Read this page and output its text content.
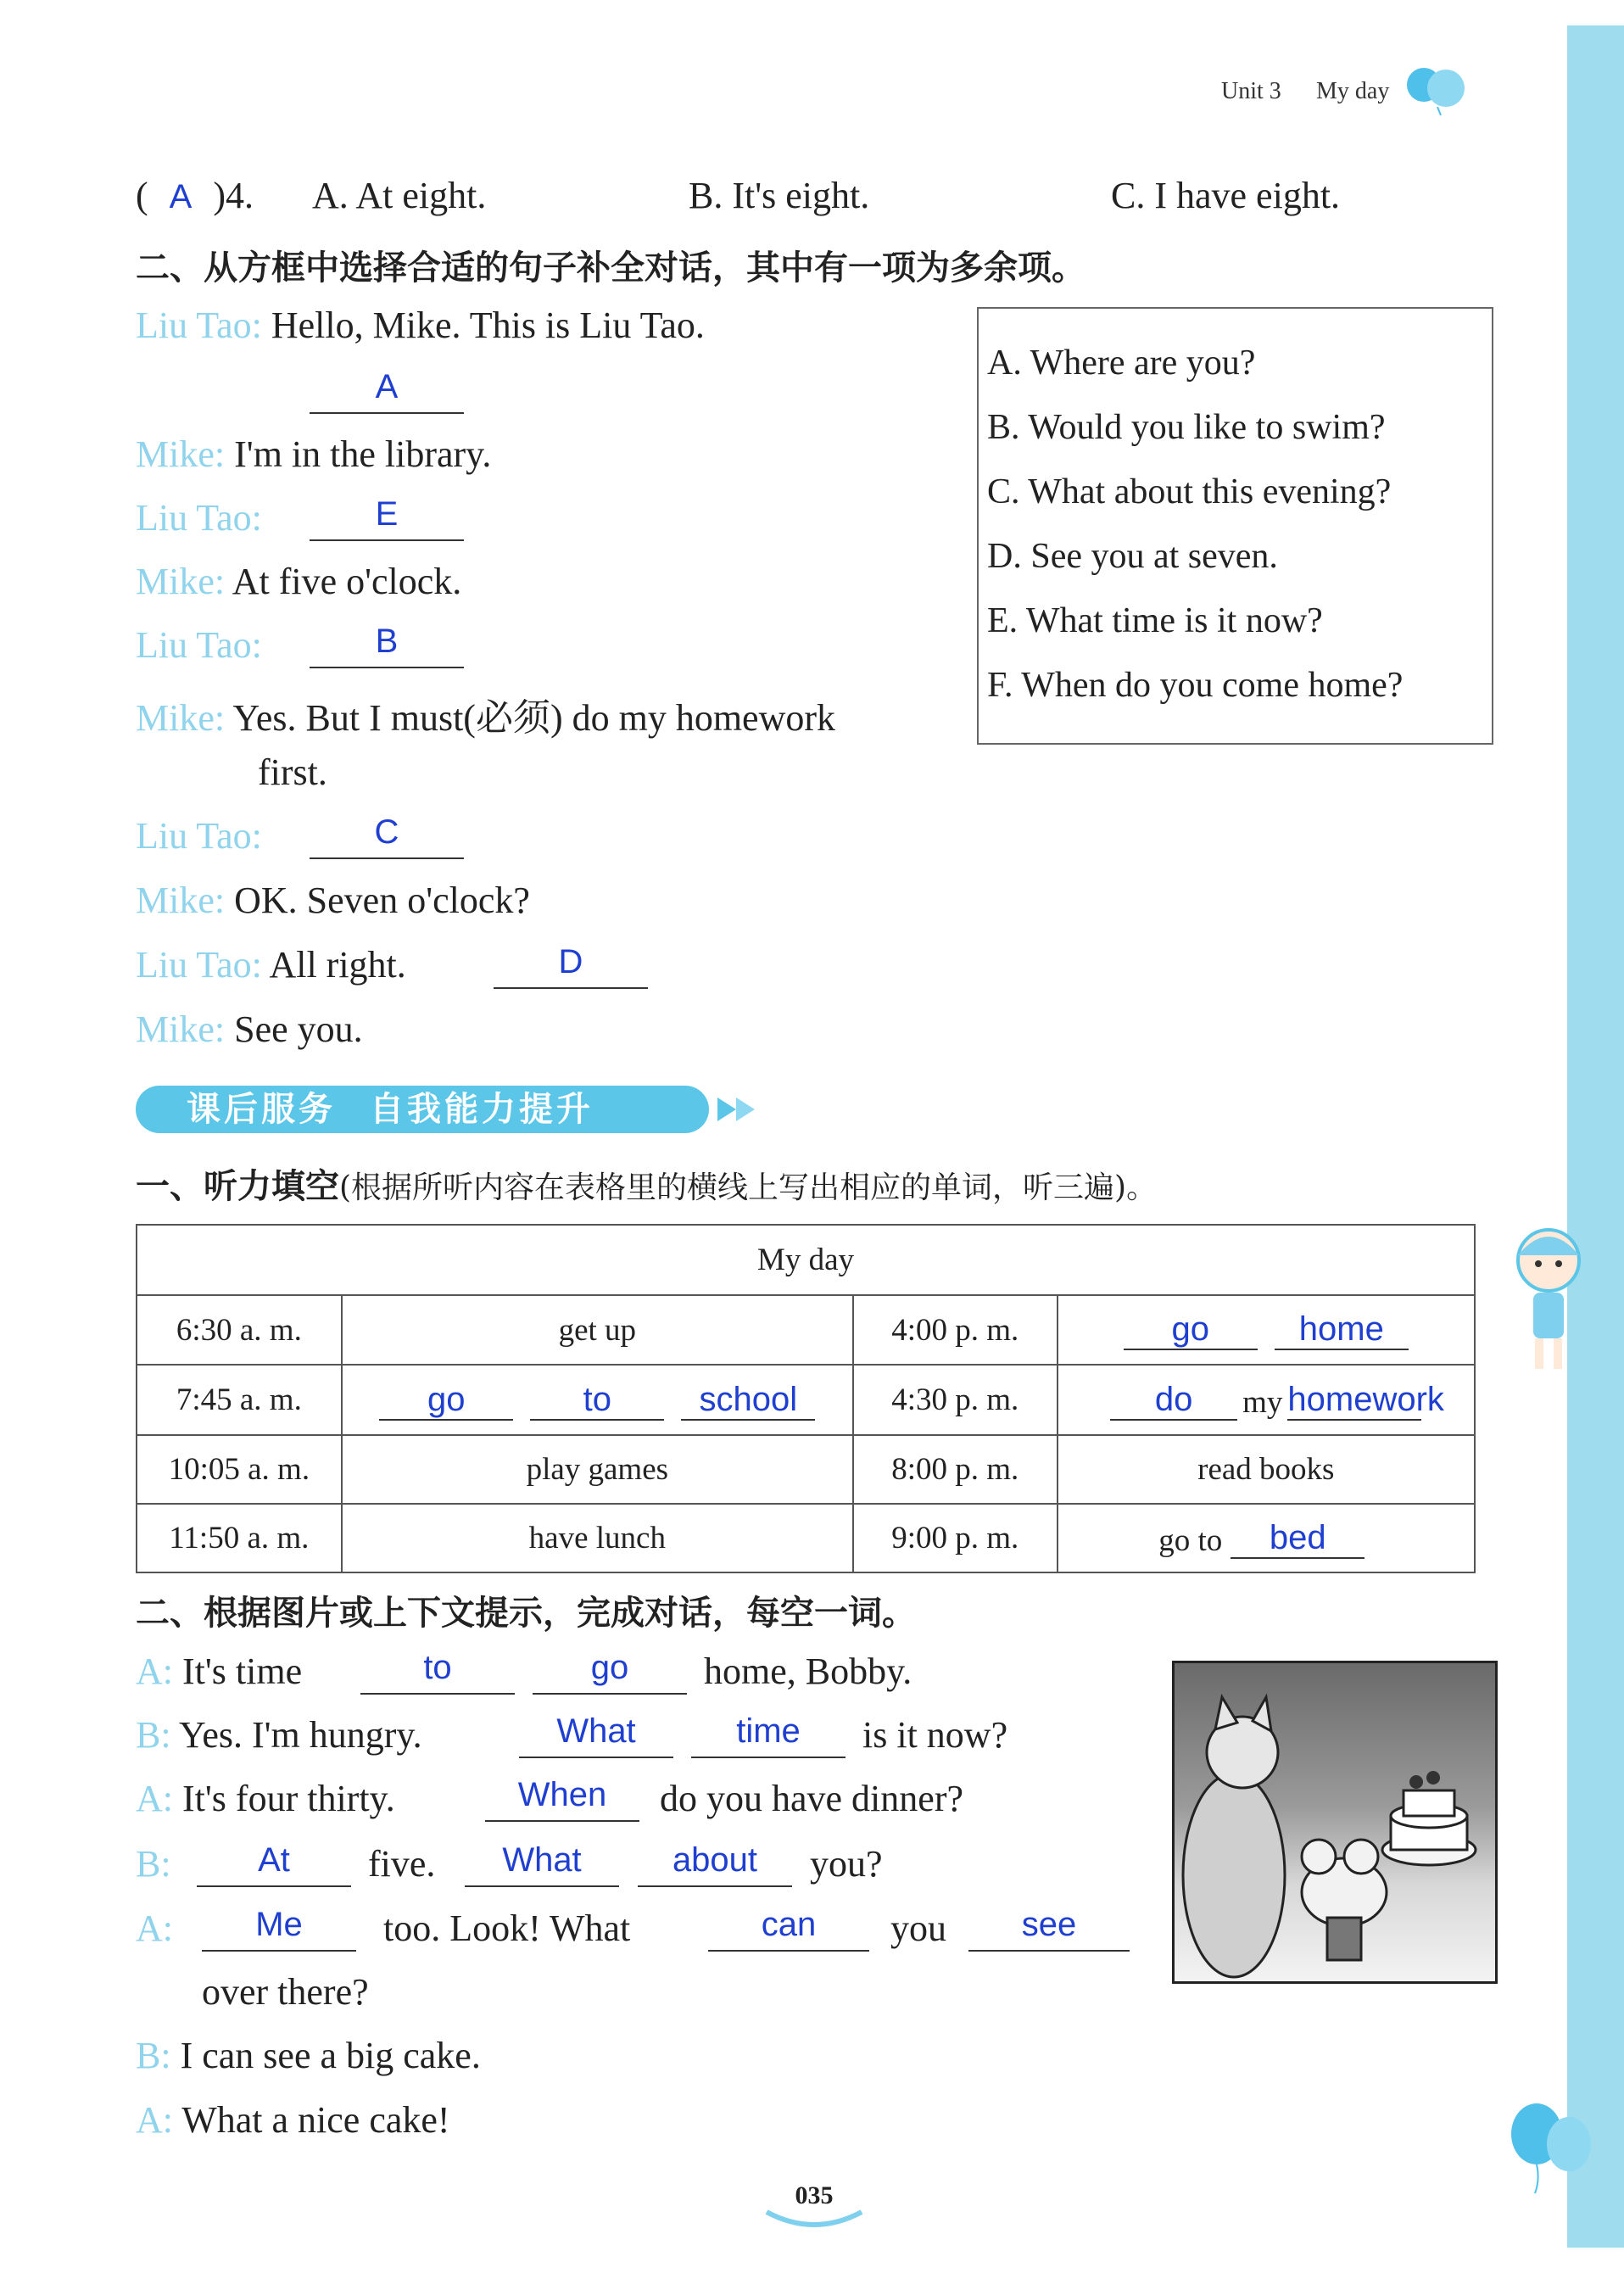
Unit 3 My day
( A )4. A. At eight.	B. It's eight.	C. I have eight.
二、从方框中选择合适的句子补全对话，其中有一项为多余项。
Liu Tao: Hello, Mike. This is Liu Tao.
A
Mike: I'm in the library.
Liu Tao:	E
Mike: At five o'clock.
Liu Tao:	B
Mike: Yes. But I must(必须) do my homework
first.
Liu Tao:	C
Mike: OK. Seven o'clock?
Liu Tao: All right.	D
Mike: See you.
A. Where are you?
B. Would you like to swim?
C. What about this evening?
D. See you at seven.
E. What time is it now?
F. When do you come home?
课后服务 自我能力提升
一、听力填空(根据所听内容在表格里的横线上写出相应的单词，听三遍)。
My day			
6:30 a. m.	get up	4:00 p. m.	go home
7:45 a. m.	go to school	4:30 p. m.	do my homework
10:05 a. m.	play games	8:00 p. m.	read books
11:50 a. m.	have lunch	9:00 p. m.	go to bed
二、根据图片或上下文提示，完成对话，每空一词。
A: It's time	to	go	home, Bobby.
B: Yes. I'm hungry.	What	time	is it now?
A: It's four thirty.	When	do you have dinner?
B:	At	five.	What	about	you?
A:	Me	too. Look! What	can	you	see
over there?
B: I can see a big cake.
A: What a nice cake!
035
